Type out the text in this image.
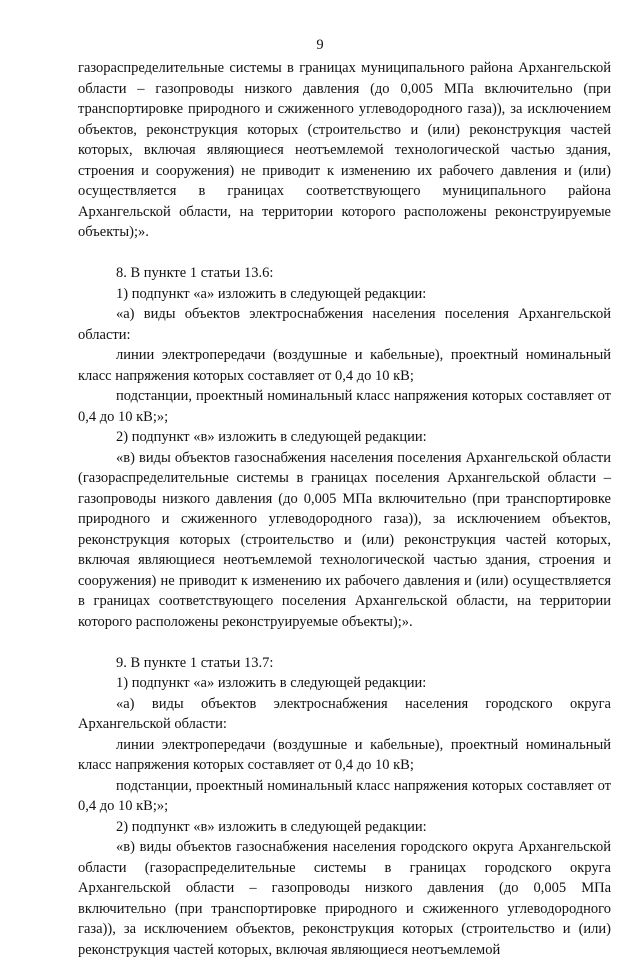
9

газораспределительные системы в границах муниципального района Архангельской области – газопроводы низкого давления (до 0,005 МПа включительно (при транспортировке природного и сжиженного углеводородного газа)), за исключением объектов, реконструкция которых (строительство и (или) реконструкция частей которых, включая являющиеся неотъемлемой технологической частью здания, строения и сооружения) не приводит к изменению их рабочего давления и (или) осуществляется в границах соответствующего муниципального района Архангельской области, на территории которого расположены реконструируемые объекты);».

8. В пункте 1 статьи 13.6:

1) подпункт «а» изложить в следующей редакции:

«а) виды объектов электроснабжения населения поселения Архангельской области:

линии электропередачи (воздушные и кабельные), проектный номинальный класс напряжения которых составляет от 0,4 до 10 кВ;

подстанции, проектный номинальный класс напряжения которых составляет от 0,4 до 10 кВ;»;

2) подпункт «в» изложить в следующей редакции:

«в) виды объектов газоснабжения населения поселения Архангельской области (газораспределительные системы в границах поселения Архангельской области – газопроводы низкого давления (до 0,005 МПа включительно (при транспортировке природного и сжиженного углеводородного газа)), за исключением объектов, реконструкция которых (строительство и (или) реконструкция частей которых, включая являющиеся неотъемлемой технологической частью здания, строения и сооружения) не приводит к изменению их рабочего давления и (или) осуществляется в границах соответствующего поселения Архангельской области, на территории которого расположены реконструируемые объекты);».

9. В пункте 1 статьи 13.7:

1) подпункт «а» изложить в следующей редакции:

«а) виды объектов электроснабжения населения городского округа Архангельской области:

линии электропередачи (воздушные и кабельные), проектный номинальный класс напряжения которых составляет от 0,4 до 10 кВ;

подстанции, проектный номинальный класс напряжения которых составляет от 0,4 до 10 кВ;»;

2) подпункт «в» изложить в следующей редакции:

«в) виды объектов газоснабжения населения городского округа Архангельской области (газораспределительные системы в границах городского округа Архангельской области – газопроводы низкого давления (до 0,005 МПа включительно (при транспортировке природного и сжиженного углеводородного газа)), за исключением объектов, реконструкция которых (строительство и (или) реконструкция частей которых, включая являющиеся неотъемлемой
